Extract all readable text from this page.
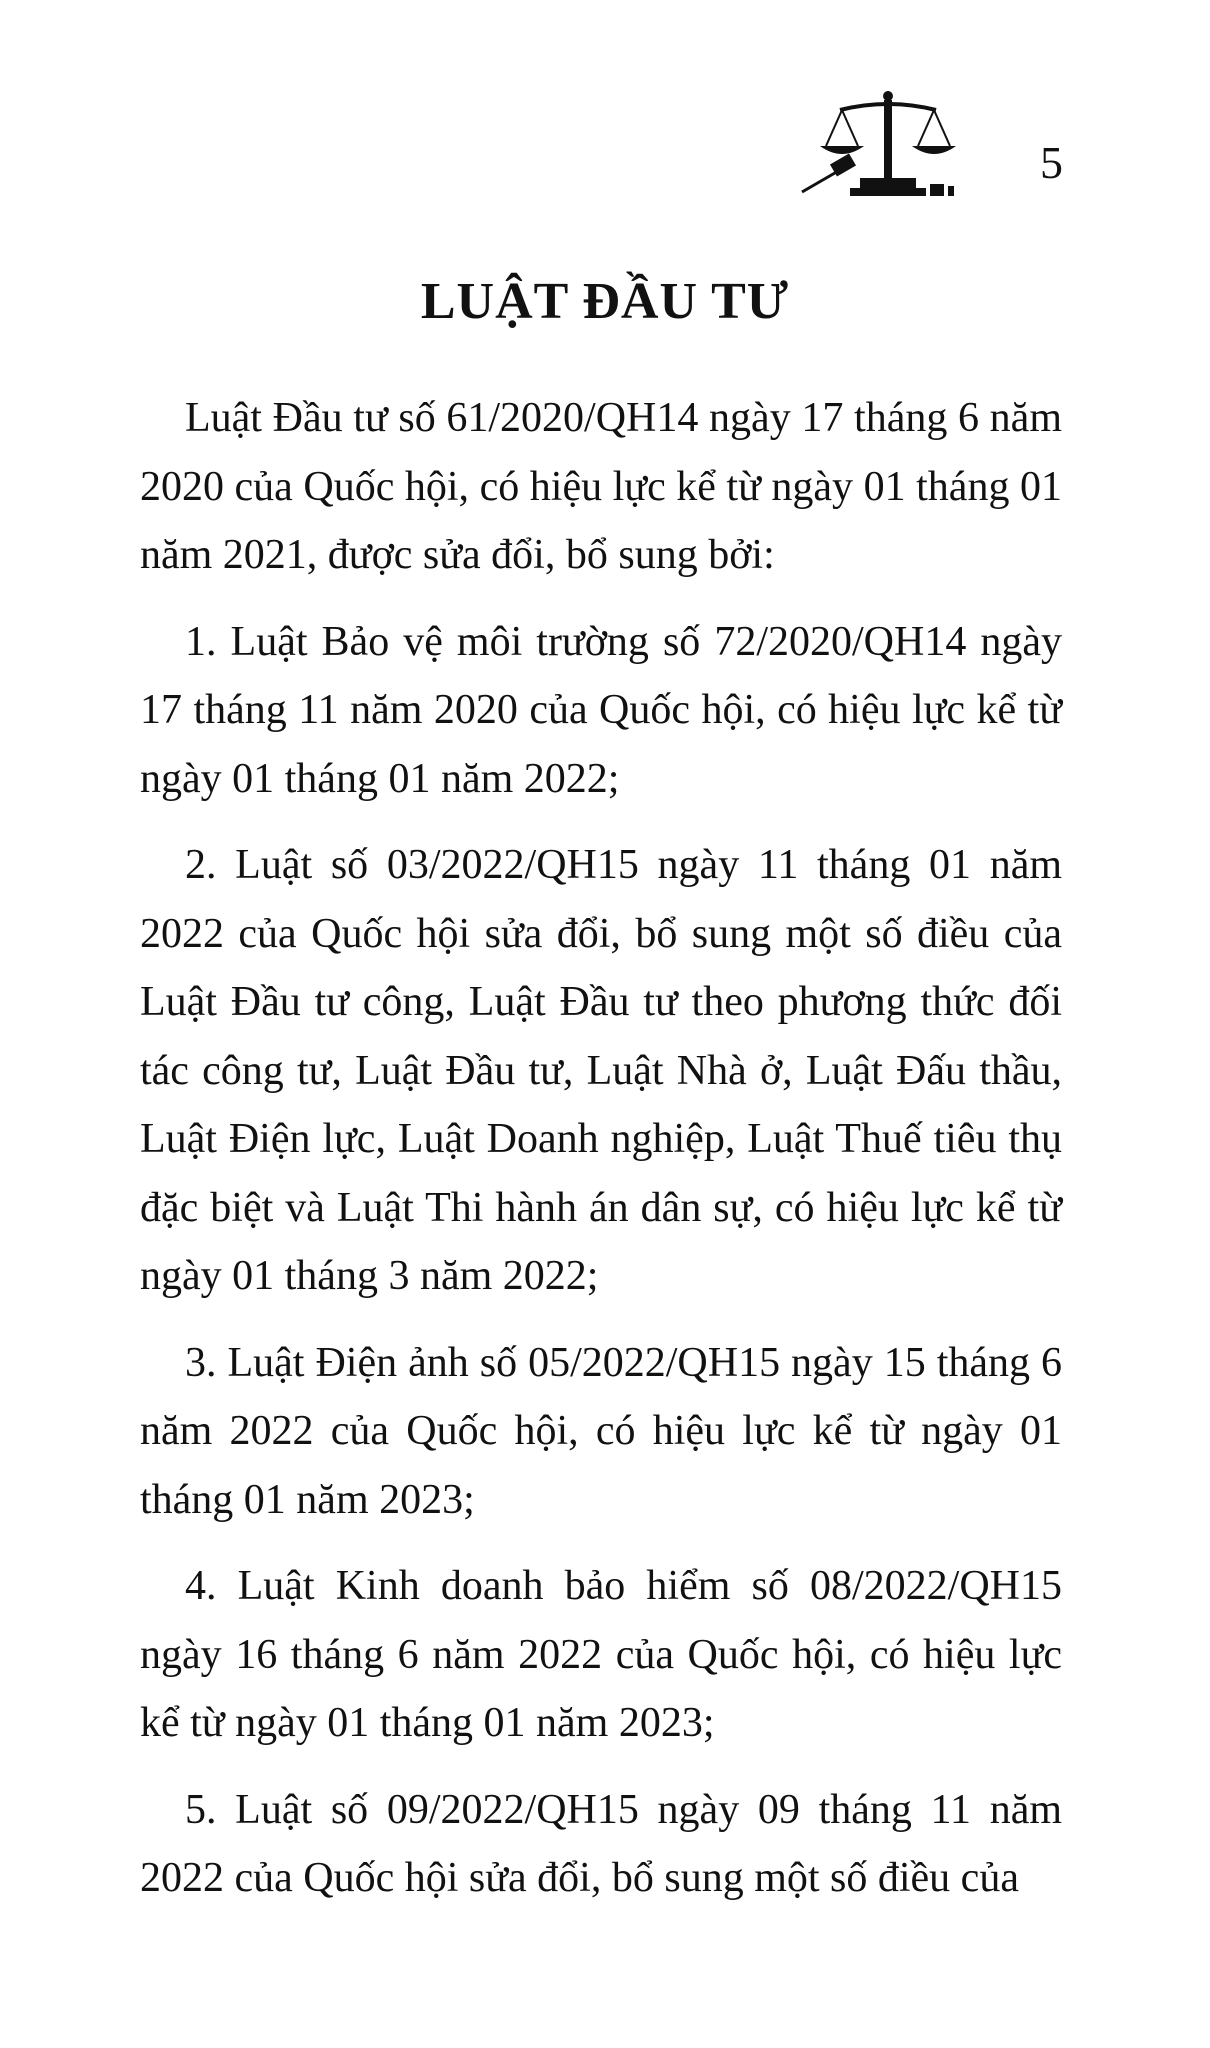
5
LUẬT ĐẦU TƯ

Luật Đầu tư số 61/2020/QH14 ngày 17 tháng 6 năm 2020 của Quốc hội, có hiệu lực kể từ ngày 01 tháng 01 năm 2021, được sửa đổi, bổ sung bởi:

1. Luật Bảo vệ môi trường số 72/2020/QH14 ngày 17 tháng 11 năm 2020 của Quốc hội, có hiệu lực kể từ ngày 01 tháng 01 năm 2022;

2. Luật số 03/2022/QH15 ngày 11 tháng 01 năm 2022 của Quốc hội sửa đổi, bổ sung một số điều của Luật Đầu tư công, Luật Đầu tư theo phương thức đối tác công tư, Luật Đầu tư, Luật Nhà ở, Luật Đấu thầu, Luật Điện lực, Luật Doanh nghiệp, Luật Thuế tiêu thụ đặc biệt và Luật Thi hành án dân sự, có hiệu lực kể từ ngày 01 tháng 3 năm 2022;

3. Luật Điện ảnh số 05/2022/QH15 ngày 15 tháng 6 năm 2022 của Quốc hội, có hiệu lực kể từ ngày 01 tháng 01 năm 2023;

4. Luật Kinh doanh bảo hiểm số 08/2022/QH15 ngày 16 tháng 6 năm 2022 của Quốc hội, có hiệu lực kể từ ngày 01 tháng 01 năm 2023;

5. Luật số 09/2022/QH15 ngày 09 tháng 11 năm 2022 của Quốc hội sửa đổi, bổ sung một số điều của
